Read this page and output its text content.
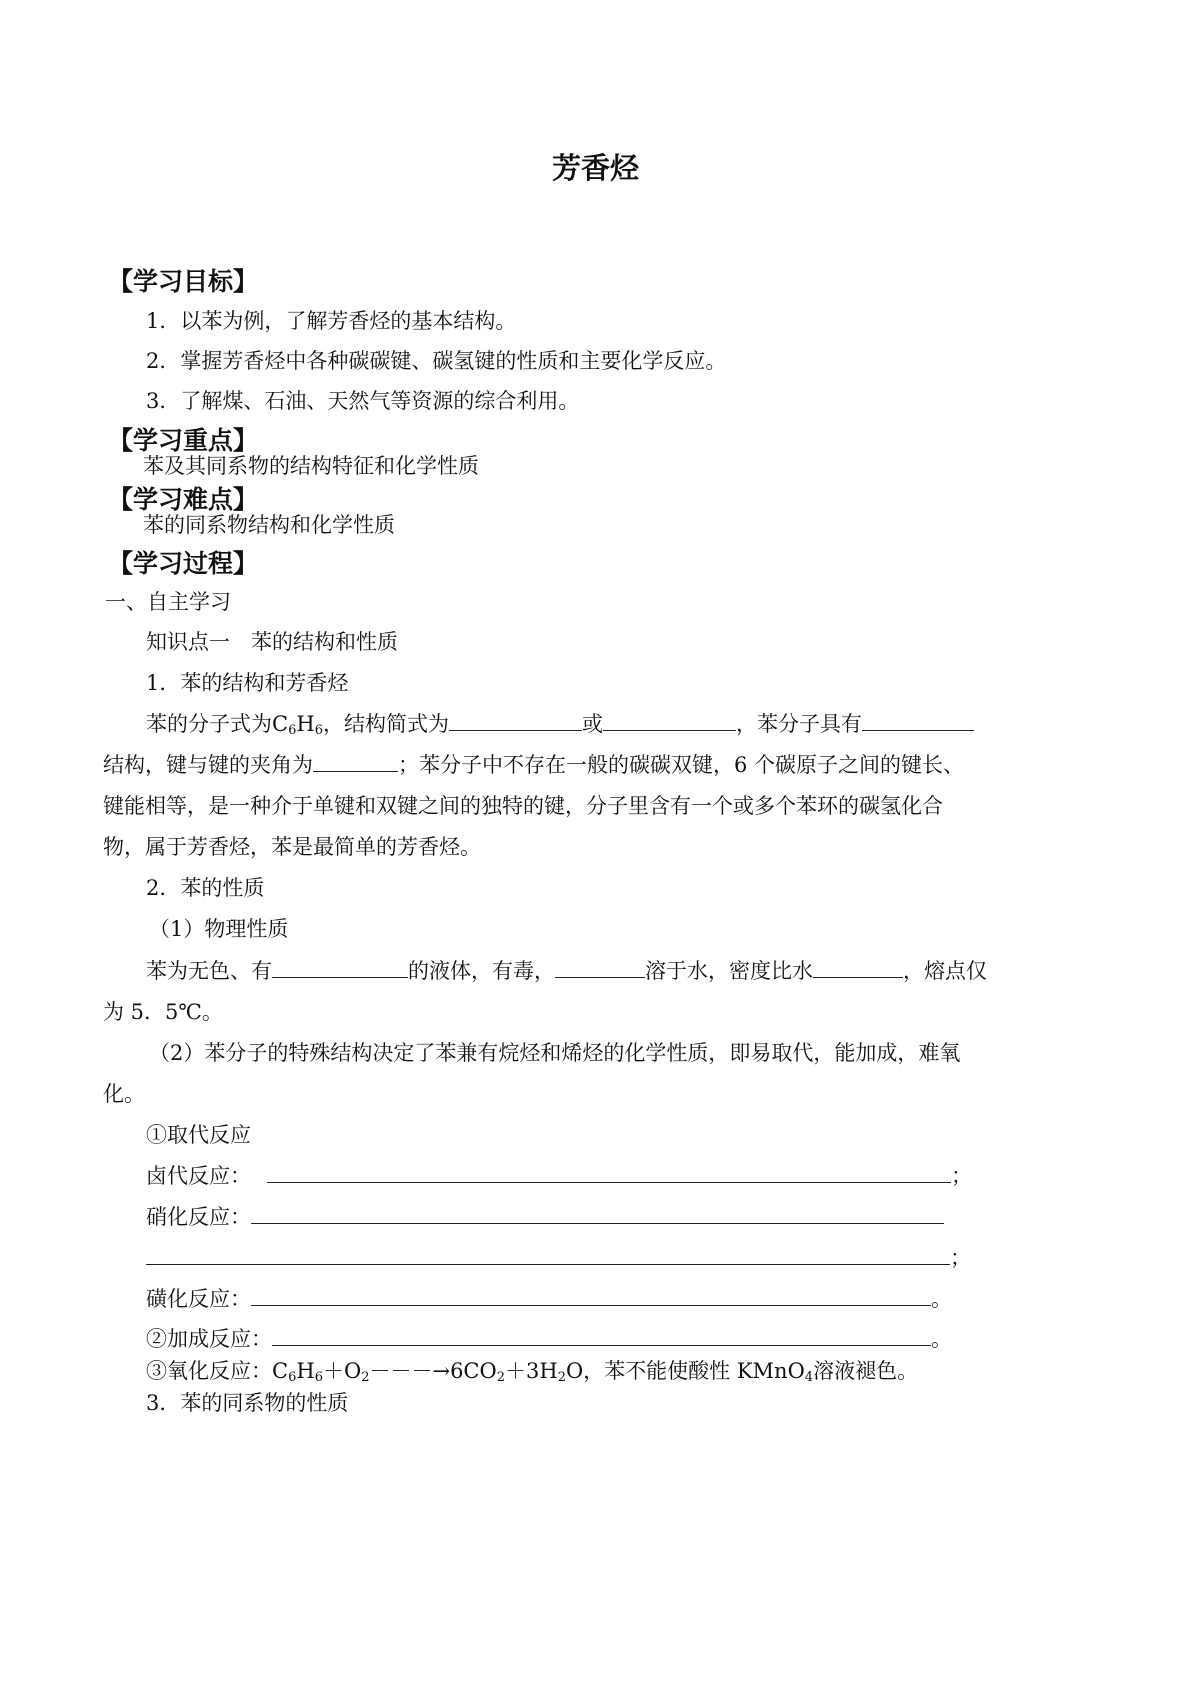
芳香烃
【学习目标】
1．以苯为例，了解芳香烃的基本结构。
2．掌握芳香烃中各种碳碳键、碳氢键的性质和主要化学反应。
3．了解煤、石油、天然气等资源的综合利用。
【学习重点】
苯及其同系物的结构特征和化学性质
【学习难点】
苯的同系物结构和化学性质
【学习过程】
一、自主学习
知识点一　苯的结构和性质
1．苯的结构和芳香烃
苯的分子式为$C_6H_6$，结构简式为	或	，苯分子具有
结构，键与键的夹角为	；苯分子中不存在一般的碳碳双键，6 个碳原子之间的键长、
键能相等，是一种介于单键和双键之间的独特的键，分子里含有一个或多个苯环的碳氢化合
物，属于芳香烃，苯是最简单的芳香烃。
2．苯的性质
（1）物理性质
苯为无色、有	的液体，有毒，	溶于水，密度比水	，熔点仅
为 5．5℃。
（2）苯分子的特殊结构决定了苯兼有烷烃和烯烃的化学性质，即易取代，能加成，难氧
化。
①取代反应
卤代反应：	；
硝化反应：
；
磺化反应：	。
②加成反应：	。
③氧化反应：$C_6H_6+O_2---\to 6CO_2+3H_2O$，苯不能使酸性 KMnO$_4$溶液褪色。
3．苯的同系物的性质
